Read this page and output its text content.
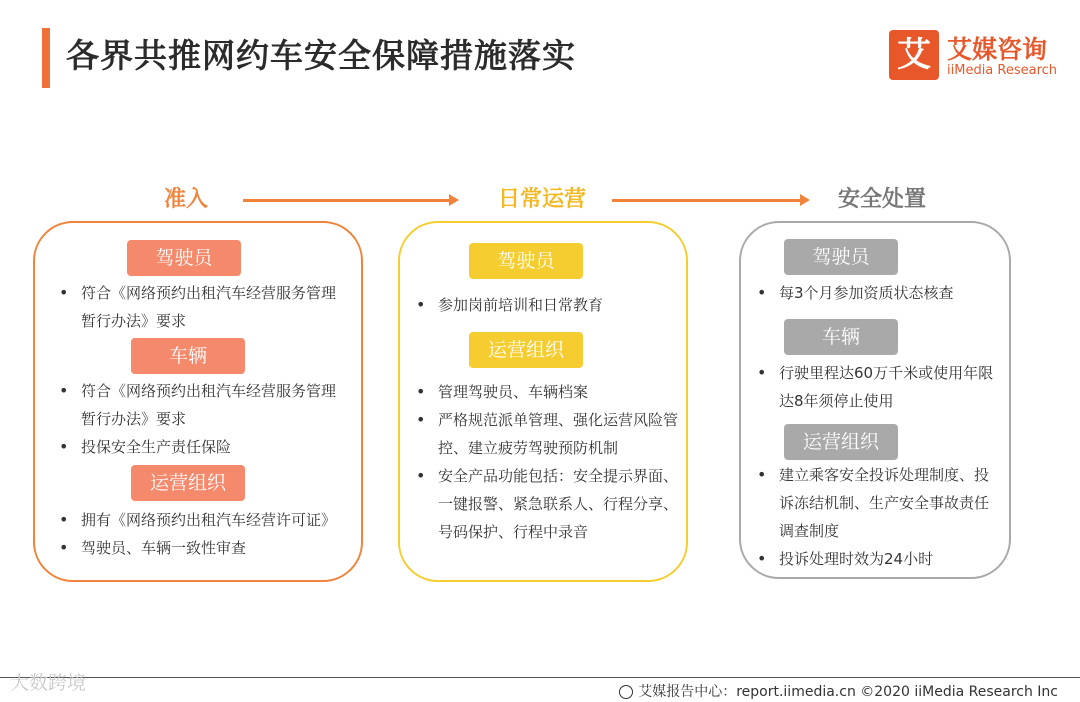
各界共推网约车安全保障措施落实	艾 艾媒咨询
iiMedia Research
准入	日常运营	安全处置
驾驶员
• 符合《网络预约出租汽车经营服务管理暂行办法》要求
车辆
• 符合《网络预约出租汽车经营服务管理暂行办法》要求
• 投保安全生产责任保险
运营组织
• 拥有《网络预约出租汽车经营许可证》
• 驾驶员、车辆一致性审查
驾驶员
• 参加岗前培训和日常教育
运营组织
• 管理驾驶员、车辆档案
• 严格规范派单管理、强化运营风险管控、建立疲劳驾驶预防机制
• 安全产品功能包括：安全提示界面、一键报警、紧急联系人、行程分享、号码保护、行程中录音
驾驶员
• 每3个月参加资质状态核查
车辆
• 行驶里程达60万千米或使用年限达8年须停止使用
运营组织
• 建立乘客安全投诉处理制度、投诉冻结机制、生产安全事故责任调查制度
• 投诉处理时效为24小时
大数跨境	艾媒报告中心：report.iimedia.cn ©2020 iiMedia Research Inc
